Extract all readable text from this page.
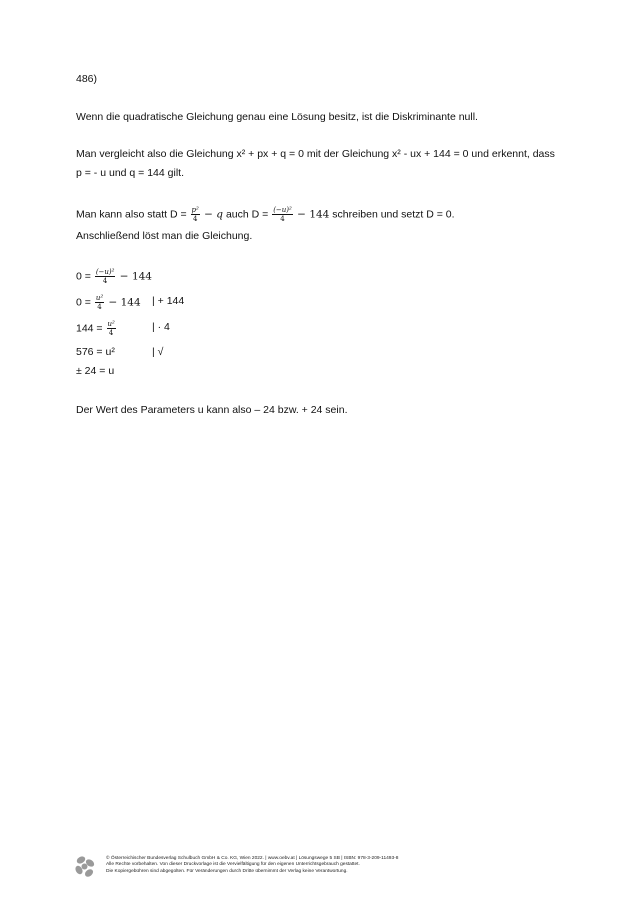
486)
Wenn die quadratische Gleichung genau eine Lösung besitz, ist die Diskriminante null.
Man vergleicht also die Gleichung x² + px + q = 0 mit der Gleichung x² - ux + 144 = 0 und erkennt, dass
p = - u und q = 144 gilt.
Man kann also statt $D = \frac{\text{p²}}{4} - q$ auch $D = \frac{\text{(−u)²}}{4} - 144$ schreiben und setzt D = 0.
Anschließend löst man die Gleichung.
$0 = \frac{\text{(−u)²}}{4} - 144$
$0 = \frac{\text{u²}}{4} - 144$ | + 144
$144 = \frac{\text{u²}}{4}$	| · 4
576 = u²	| √
± 24 = u
Der Wert des Parameters u kann also – 24 bzw. + 24 sein.
© Österreichischer Bundesverlag Schulbuch GmbH & Co. KG, Wien 2022. | www.oebv.at | Lösungswege 5 SB | ISBN: 978-3-209-11493-8
Alle Rechte vorbehalten. Von dieser Druckvorlage ist die Vervielfältigung für den eigenen Unterrichtsgebrauch gestattet.
Die Kopiergebühren sind abgegolten. Für Veränderungen durch Dritte übernimmt der Verlag keine Verantwortung.
